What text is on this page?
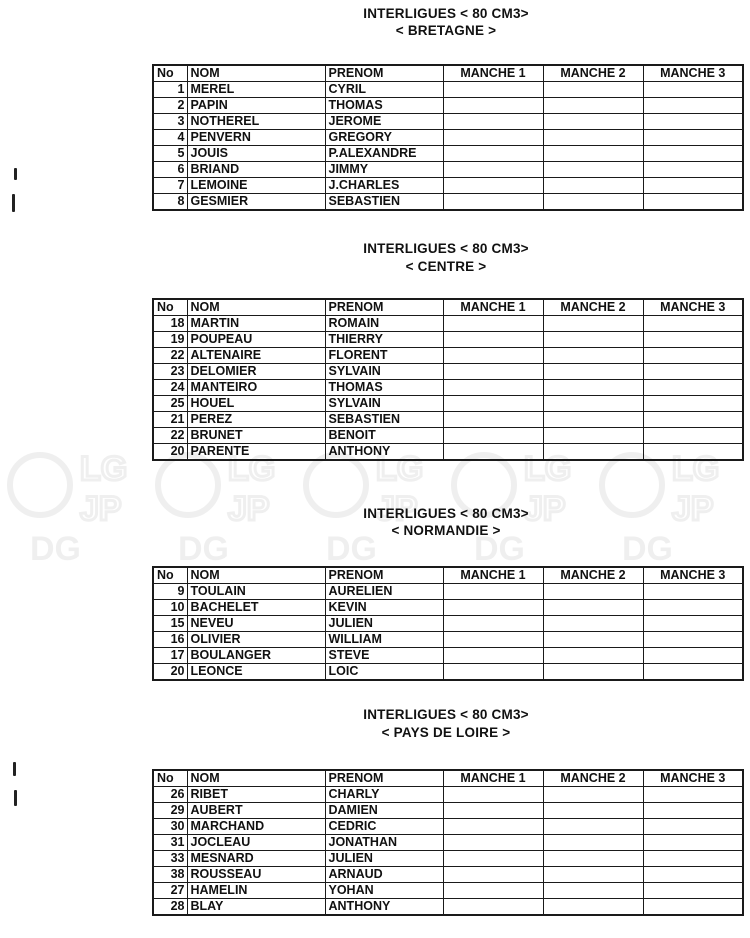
LG
JP
DG
INTERLIGUES < 80 CM3>
< BRETAGNE >
No	NOM	PRENOM	MANCHE 1	MANCHE 2	MANCHE 3
1	MEREL	CYRIL			
2	PAPIN	THOMAS			
3	NOTHEREL	JEROME			
4	PENVERN	GREGORY			
5	JOUIS	P.ALEXANDRE			
6	BRIAND	JIMMY			
7	LEMOINE	J.CHARLES			
8	GESMIER	SEBASTIEN			
INTERLIGUES < 80 CM3>
< CENTRE >
No	NOM	PRENOM	MANCHE 1	MANCHE 2	MANCHE 3
18	MARTIN	ROMAIN			
19	POUPEAU	THIERRY			
22	ALTENAIRE	FLORENT			
23	DELOMIER	SYLVAIN			
24	MANTEIRO	THOMAS			
25	HOUEL	SYLVAIN			
21	PEREZ	SEBASTIEN			
22	BRUNET	BENOIT			
20	PARENTE	ANTHONY			
INTERLIGUES < 80 CM3>
< NORMANDIE >
No	NOM	PRENOM	MANCHE 1	MANCHE 2	MANCHE 3
9	TOULAIN	AURELIEN			
10	BACHELET	KEVIN			
15	NEVEU	JULIEN			
16	OLIVIER	WILLIAM			
17	BOULANGER	STEVE			
20	LEONCE	LOIC			
INTERLIGUES < 80 CM3>
< PAYS DE LOIRE >
No	NOM	PRENOM	MANCHE 1	MANCHE 2	MANCHE 3
26	RIBET	CHARLY			
29	AUBERT	DAMIEN			
30	MARCHAND	CEDRIC			
31	JOCLEAU	JONATHAN			
33	MESNARD	JULIEN			
38	ROUSSEAU	ARNAUD			
27	HAMELIN	YOHAN			
28	BLAY	ANTHONY			
